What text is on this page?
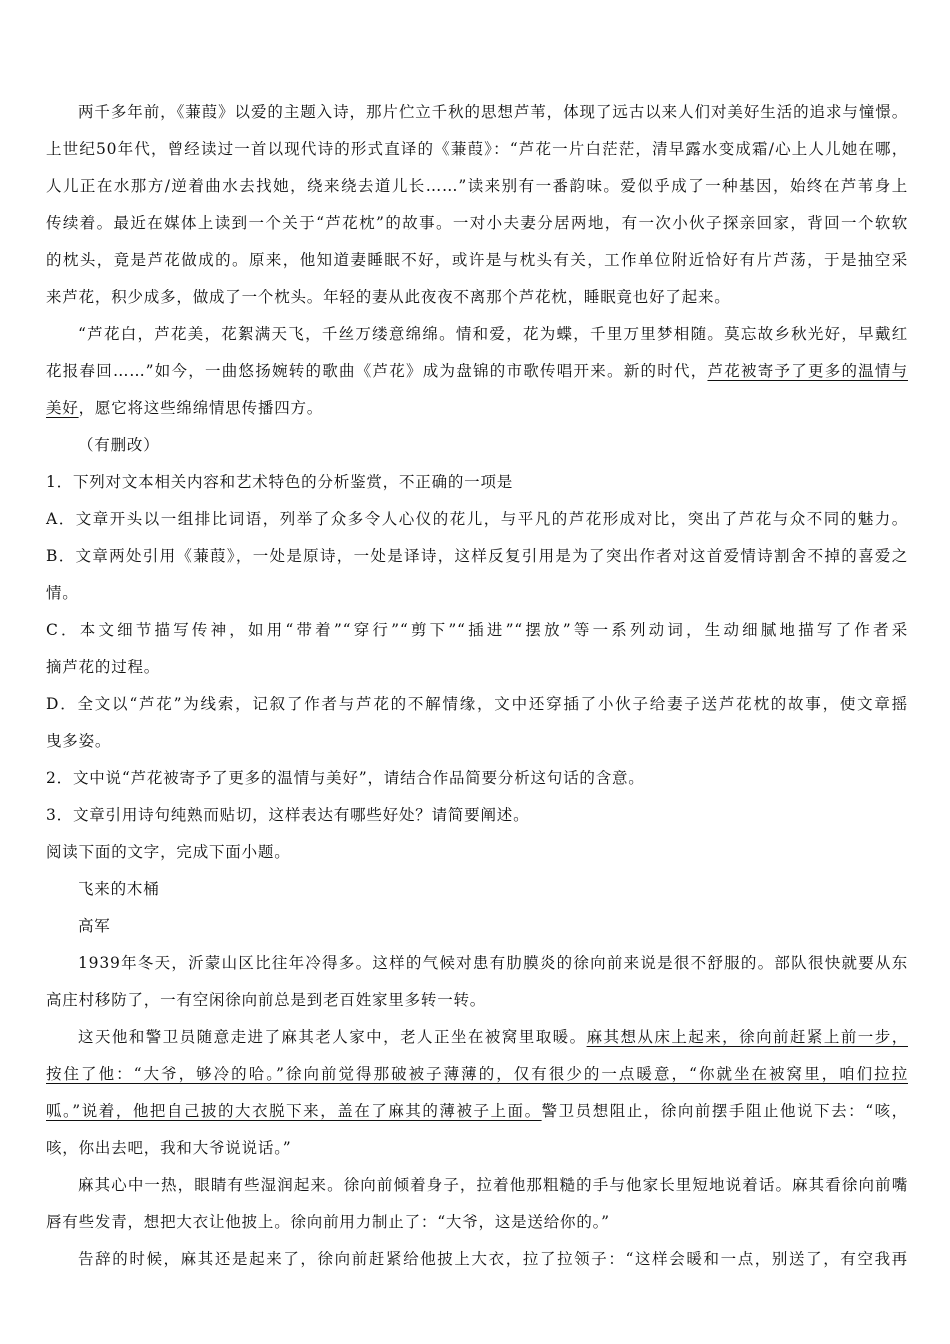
两千多年前，《蒹葭》以爱的主题入诗，那片伫立千秋的思想芦苇，体现了远古以来人们对美好生活的追求与憧憬。
上世纪50年代，曾经读过一首以现代诗的形式直译的《蒹葭》：“芦花一片白茫茫，清早露水变成霜/心上人儿她在哪，
人儿正在水那方/逆着曲水去找她，绕来绕去道儿长……”读来别有一番韵味。爱似乎成了一种基因，始终在芦苇身上
传续着。最近在媒体上读到一个关于“芦花枕”的故事。一对小夫妻分居两地，有一次小伙子探亲回家，背回一个软软
的枕头，竟是芦花做成的。原来，他知道妻睡眠不好，或许是与枕头有关，工作单位附近恰好有片芦荡，于是抽空采
来芦花，积少成多，做成了一个枕头。年轻的妻从此夜夜不离那个芦花枕，睡眠竟也好了起来。
“芦花白，芦花美，花絮满天飞，千丝万缕意绵绵。情和爱，花为蝶，千里万里梦相随。莫忘故乡秋光好，早戴红
花报春回……”如今，一曲悠扬婉转的歌曲《芦花》成为盘锦的市歌传唱开来。新的时代，芦花被寄予了更多的温情与
美好，愿它将这些绵绵情思传播四方。
（有删改）
1．下列对文本相关内容和艺术特色的分析鉴赏，不正确的一项是
A．文章开头以一组排比词语，列举了众多令人心仪的花儿，与平凡的芦花形成对比，突出了芦花与众不同的魅力。
B．文章两处引用《蒹葭》，一处是原诗，一处是译诗，这样反复引用是为了突出作者对这首爱情诗割舍不掉的喜爱之
情。
C．本文细节描写传神，如用“带着”“穿行”“剪下”“插进”“摆放”等一系列动词，生动细腻地描写了作者采
摘芦花的过程。
D．全文以“芦花”为线索，记叙了作者与芦花的不解情缘，文中还穿插了小伙子给妻子送芦花枕的故事，使文章摇
曳多姿。
2．文中说“芦花被寄予了更多的温情与美好”，请结合作品简要分析这句话的含意。
3．文章引用诗句纯熟而贴切，这样表达有哪些好处？请简要阐述。
阅读下面的文字，完成下面小题。
飞来的木桶
高军
1939年冬天，沂蒙山区比往年冷得多。这样的气候对患有肋膜炎的徐向前来说是很不舒服的。部队很快就要从东
高庄村移防了，一有空闲徐向前总是到老百姓家里多转一转。
这天他和警卫员随意走进了麻其老人家中，老人正坐在被窝里取暖。麻其想从床上起来，徐向前赶紧上前一步，
按住了他：“大爷，够冷的哈。”徐向前觉得那破被子薄薄的，仅有很少的一点暖意，“你就坐在被窝里，咱们拉拉
呱。”说着，他把自己披的大衣脱下来，盖在了麻其的薄被子上面。警卫员想阻止，徐向前摆手阻止他说下去：“咳，
咳，你出去吧，我和大爷说说话。”
麻其心中一热，眼睛有些湿润起来。徐向前倾着身子，拉着他那粗糙的手与他家长里短地说着话。麻其看徐向前嘴
唇有些发青，想把大衣让他披上。徐向前用力制止了：“大爷，这是送给你的。”
告辞的时候，麻其还是起来了，徐向前赶紧给他披上大衣，拉了拉领子：“这样会暖和一点，别送了，有空我再
